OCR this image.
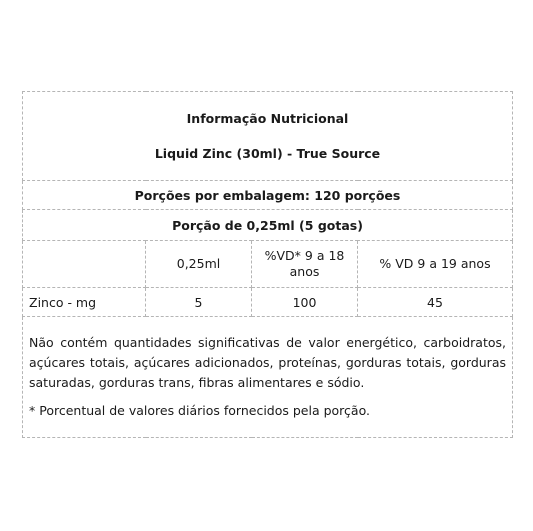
Informação Nutricional
Liquid Zinc (30ml) - True Source			

Porções por embalagem: 120 porções			
Porção de 0,25ml (5 gotas)			
	0,25ml	%VD* 9 a 18 anos	% VD 9 a 19 anos
Zinco - mg	5	100	45

Não contém quantidades significativas de valor energético, carboidratos, açúcares totais, açúcares adicionados, proteínas, gorduras totais, gorduras saturadas, gorduras trans, fibras alimentares e sódio.

* Porcentual de valores diários fornecidos pela porção.			
